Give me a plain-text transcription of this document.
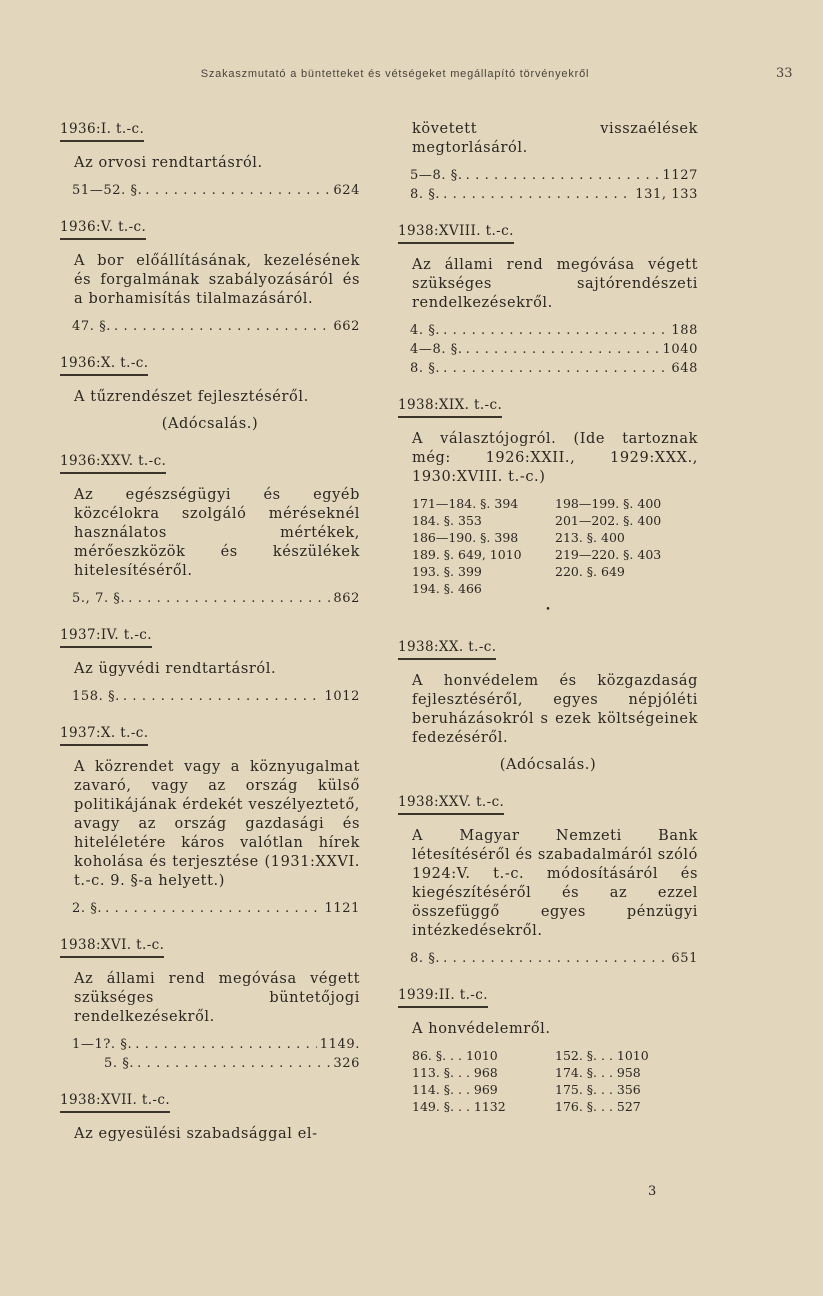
Szakaszmutató a büntetteket és vétségeket megállapító törvényekről	33
1936:I. t.-c.
Az orvosi rendtartásról.
51—52. §. . . .	624
1936:V. t.-c.
A bor előállításának, kezelésének és forgalmának szabályozásáról és a borhamisítás tilalmazásáról.
47. §. . . .	662
1936:X. t.-c.
A tűzrendészet fejlesztéséről.
(Adócsalás.)
1936:XXV. t.-c.
Az egészségügyi és egyéb közcélokra szolgáló méréseknél használatos mértékek, mérőeszközök és készülékek hitelesítéséről.
5., 7. §. . . .	862
1937:IV. t.-c.
Az ügyvédi rendtartásról.
158. §. . . .	1012
1937:X. t.-c.
A közrendet vagy a köznyugalmat zavaró, vagy az ország külső politikájának érdekét veszélyeztető, avagy az ország gazdasági és hiteléletére káros valótlan hírek koholása és terjesztése (1931:XXVI. t.-c. 9. §-a helyett.)
2. §. . . .	1121
1938:XVI. t.-c.
Az állami rend megóvása végett szükséges büntetőjogi rendelkezésekről.
1—1?. §. . . .	1149.
5. §. . . .	326
1938:XVII. t.-c.
Az egyesülési szabadsággal el-
követett visszaélések megtorlásáról.
5—8. §. . . .	1127
8. §. . . .	131, 133
1938:XVIII. t.-c.
Az állami rend megóvása végett szükséges sajtórendészeti rendelkezésekről.
4. §. . . .	188
4—8. §. . . .	1040
8. §. . . .	648
1938:XIX. t.-c.
A választójogról. (Ide tartoznak még: 1926:XXII., 1929:XXX., 1930:XVIII. t.-c.)
171—184. §. 394
184. §. 353
186—190. §. 398
189. §. 649, 1010
193. §. 399
194. §. 466
198—199. §. 400
201—202. §. 400
213. §. 400
219—220. §. 403
220. §. 649
•
1938:XX. t.-c.
A honvédelem és közgazdaság fejlesztéséről, egyes népjóléti beruházásokról s ezek költségeinek fedezéséről.
(Adócsalás.)
1938:XXV. t.-c.
A Magyar Nemzeti Bank létesítéséről és szabadalmáról szóló 1924:V. t.-c. módosításáról és kiegészítéséről és az ezzel összefüggő egyes pénzügyi intézkedésekről.
8. §. . . .	651
1939:II. t.-c.
A honvédelemről.
86. §. . . 1010
113. §. . . 968
114. §. . . 969
149. §. . . 1132
152. §. . . 1010
174. §. . . 958
175. §. . . 356
176. §. . . 527
3
